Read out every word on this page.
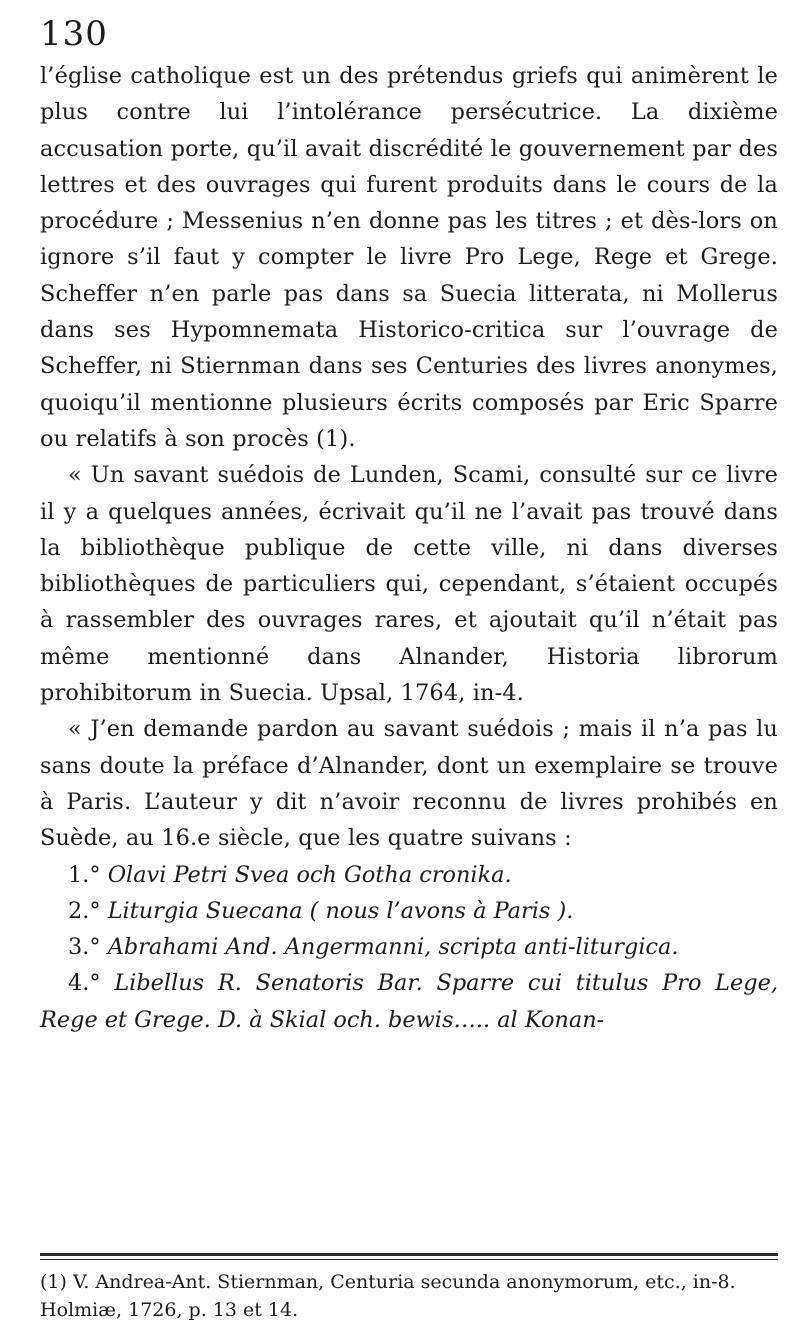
130

l’église catholique est un des prétendus griefs qui animèrent le plus contre lui l’intolérance persécutrice. La dixième accusation porte, qu’il avait discrédité le gouvernement par des lettres et des ouvrages qui furent produits dans le cours de la procédure ; Messenius n’en donne pas les titres ; et dès-lors on ignore s’il faut y compter le livre Pro Lege, Rege et Grege. Scheffer n’en parle pas dans sa Suecia litterata, ni Mollerus dans ses Hypomnemata Historico-critica sur l’ouvrage de Scheffer, ni Stiernman dans ses Centuries des livres anonymes, quoiqu’il mentionne plusieurs écrits composés par Eric Sparre ou relatifs à son procès (1).

« Un savant suédois de Lunden, Scami, consulté sur ce livre il y a quelques années, écrivait qu’il ne l’avait pas trouvé dans la bibliothèque publique de cette ville, ni dans diverses bibliothèques de particuliers qui, cependant, s’étaient occupés à rassembler des ouvrages rares, et ajoutait qu’il n’était pas même mentionné dans Alnander, Historia librorum prohibitorum in Suecia. Upsal, 1764, in-4.

« J’en demande pardon au savant suédois ; mais il n’a pas lu sans doute la préface d’Alnander, dont un exemplaire se trouve à Paris. L’auteur y dit n’avoir reconnu de livres prohibés en Suède, au 16.e siècle, que les quatre suivans :

1.° Olavi Petri Svea och Gotha cronika.
2.° Liturgia Suecana ( nous l’avons à Paris ).
3.° Abrahami And. Angermanni, scripta anti-liturgica.
4.° Libellus R. Senatoris Bar. Sparre cui titulus Pro Lege, Rege et Grege. D. à Skial och. bewis….. al Konan-

(1) V. Andrea-Ant. Stiernman, Centuria secunda anonymorum, etc., in-8. Holmiæ, 1726, p. 13 et 14.
